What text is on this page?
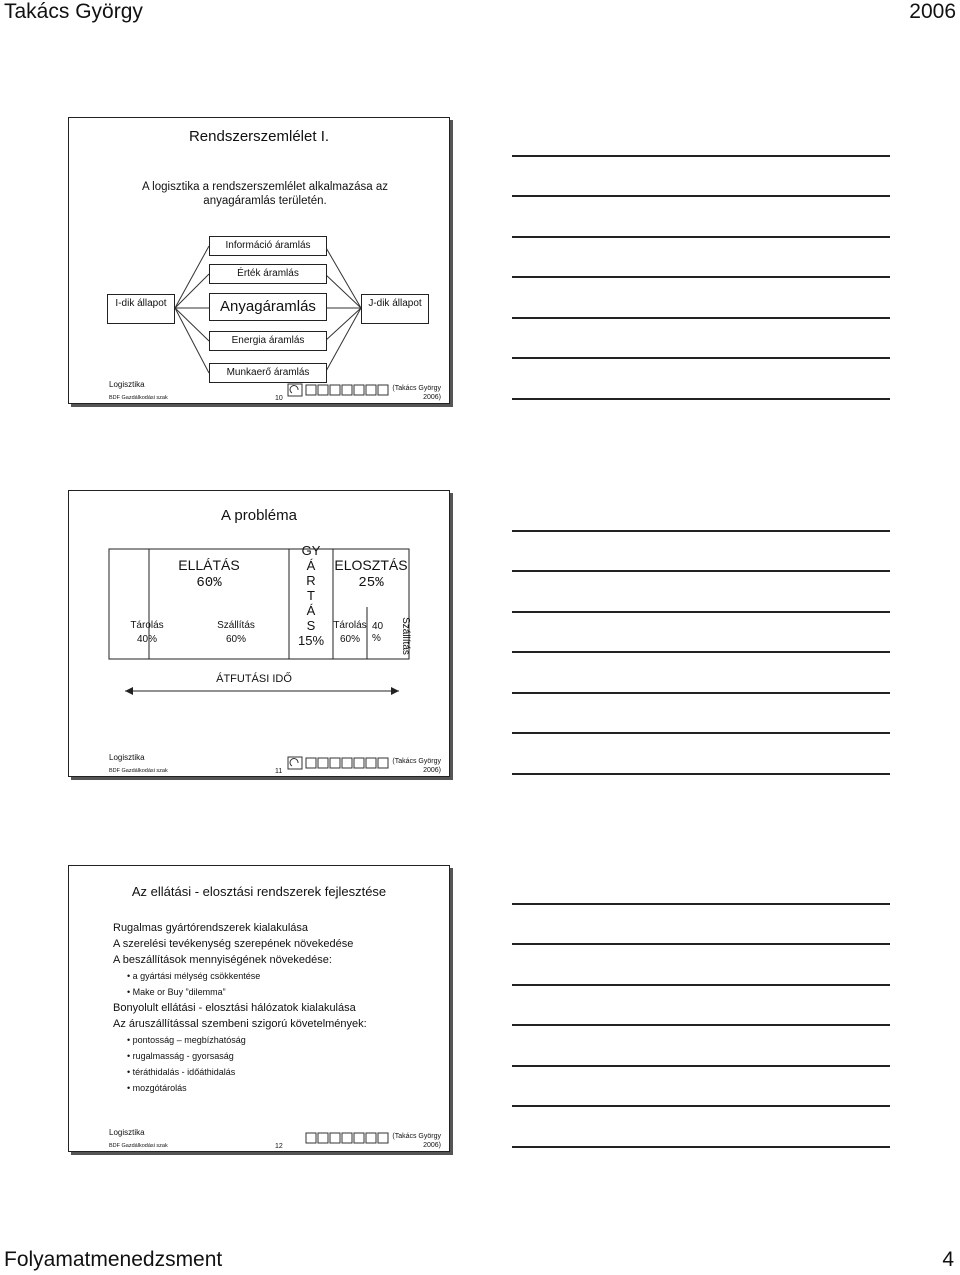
Takács György	2006
Rendszerszemlélet I.
A logisztika a rendszerszemlélet alkalmazása az anyagáramlás területén.
Információ áramlás
Érték áramlás
Anyagáramlás
Energia áramlás
Munkaerő áramlás
I-dik állapot	J-dik állapot
Logisztika
BDF Gazdálkodási szak	10
(Takács György
2006)
A probléma
ELLÁTÁS
60%
GY
Á
R
T
Á
S
15%
ELOSZTÁS
25%
Tárolás
40%
Szállítás
60%
Tárolás
60%
40 %	Szállítás
ÁTFUTÁSI IDŐ
Logisztika
BDF Gazdálkodási szak	11
(Takács György
2006)
Az ellátási - elosztási rendszerek fejlesztése
Rugalmas gyártórendszerek kialakulása
A szerelési tevékenység szerepének növekedése
A beszállítások mennyiségének növekedése:
• a gyártási mélység csökkentése
• Make or Buy ”dilemma”
Bonyolult ellátási - elosztási hálózatok kialakulása
Az áruszállítással szembeni szigorú követelmények:
• pontosság – megbízhatóság
• rugalmasság - gyorsaság
• téráthidalás - időáthidalás
• mozgótárolás
Logisztika
BDF Gazdálkodási szak	12
(Takács György
2006)
Folyamatmenedzsment	4
